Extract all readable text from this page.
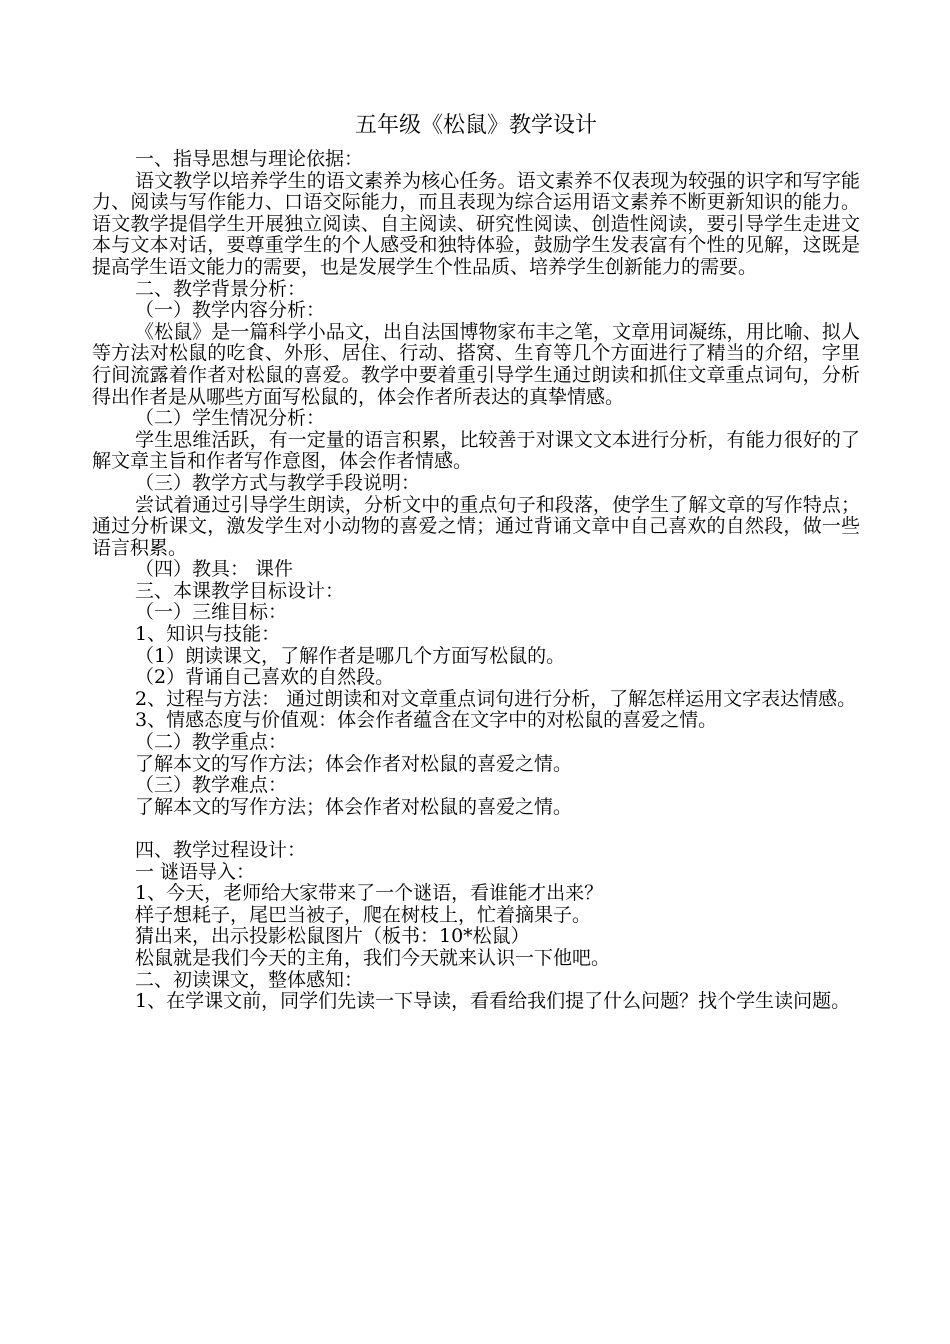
五年级《松鼠》教学设计

一、指导思想与理论依据：

语文教学以培养学生的语文素养为核心任务。语文素养不仅表现为较强的识字和写字能力、阅读与写作能力、口语交际能力，而且表现为综合运用语文素养不断更新知识的能力。语文教学提倡学生开展独立阅读、自主阅读、研究性阅读、创造性阅读，要引导学生走进文本与文本对话，要尊重学生的个人感受和独特体验，鼓励学生发表富有个性的见解，这既是提高学生语文能力的需要，也是发展学生个性品质、培养学生创新能力的需要。

二、教学背景分析：

（一）教学内容分析：

《松鼠》是一篇科学小品文，出自法国博物家布丰之笔，文章用词凝练，用比喻、拟人等方法对松鼠的吃食、外形、居住、行动、搭窝、生育等几个方面进行了精当的介绍，字里行间流露着作者对松鼠的喜爱。教学中要着重引导学生通过朗读和抓住文章重点词句，分析得出作者是从哪些方面写松鼠的，体会作者所表达的真挚情感。

（二）学生情况分析：

学生思维活跃，有一定量的语言积累，比较善于对课文文本进行分析，有能力很好的了解文章主旨和作者写作意图，体会作者情感。

（三）教学方式与教学手段说明：

尝试着通过引导学生朗读，分析文中的重点句子和段落，使学生了解文章的写作特点；通过分析课文，激发学生对小动物的喜爱之情；通过背诵文章中自己喜欢的自然段，做一些语言积累。

（四）教具： 课件

三、本课教学目标设计：

（一）三维目标：

1、知识与技能：

（1）朗读课文，了解作者是哪几个方面写松鼠的。

（2）背诵自己喜欢的自然段。

2、过程与方法： 通过朗读和对文章重点词句进行分析，了解怎样运用文字表达情感。

3、情感态度与价值观：体会作者蕴含在文字中的对松鼠的喜爱之情。

（二）教学重点：

了解本文的写作方法；体会作者对松鼠的喜爱之情。

（三）教学难点：

了解本文的写作方法；体会作者对松鼠的喜爱之情。

四、教学过程设计：

一 谜语导入：

1、今天，老师给大家带来了一个谜语，看谁能才出来？

样子想耗子，尾巴当被子，爬在树枝上，忙着摘果子。

猜出来，出示投影松鼠图片（板书：10*松鼠）

松鼠就是我们今天的主角，我们今天就来认识一下他吧。

二、初读课文，整体感知：

1、在学课文前，同学们先读一下导读，看看给我们提了什么问题？找个学生读问题。
